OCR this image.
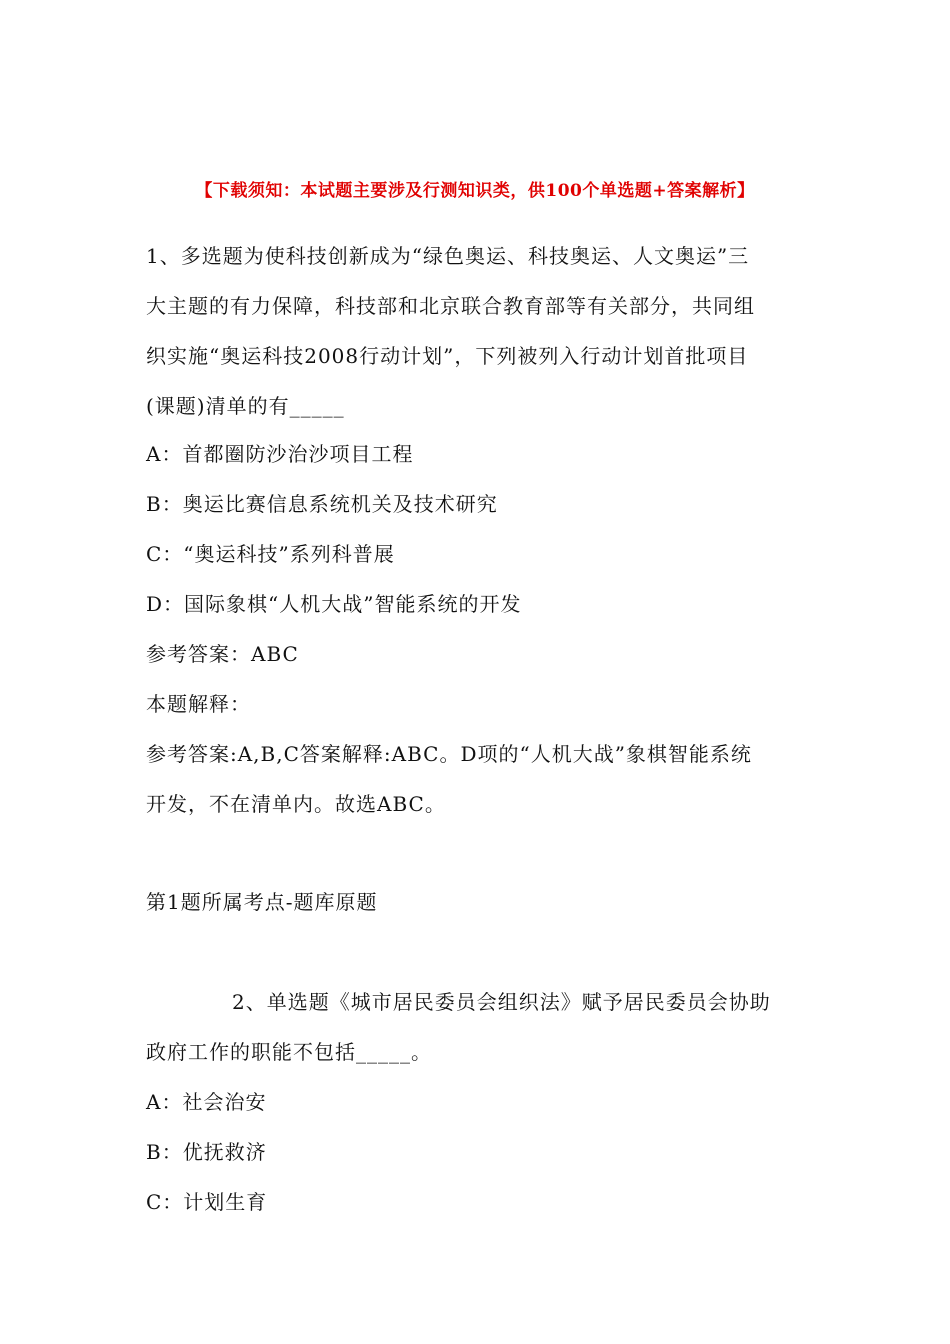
【下载须知：本试题主要涉及行测知识类，供100个单选题+答案解析】
1、多选题为使科技创新成为“绿色奥运、科技奥运、人文奥运”三
大主题的有力保障，科技部和北京联合教育部等有关部分，共同组
织实施“奥运科技2008行动计划”，下列被列入行动计划首批项目
(课题)清单的有_____
A：首都圈防沙治沙项目工程
B：奥运比赛信息系统机关及技术研究
C：“奥运科技”系列科普展
D：国际象棋“人机大战”智能系统的开发
参考答案：ABC
本题解释：
参考答案:A,B,C答案解释:ABC。D项的“人机大战”象棋智能系统
开发，不在清单内。故选ABC。
第1题所属考点-题库原题
2、单选题《城市居民委员会组织法》赋予居民委员会协助
政府工作的职能不包括_____。
A：社会治安
B：优抚救济
C：计划生育
